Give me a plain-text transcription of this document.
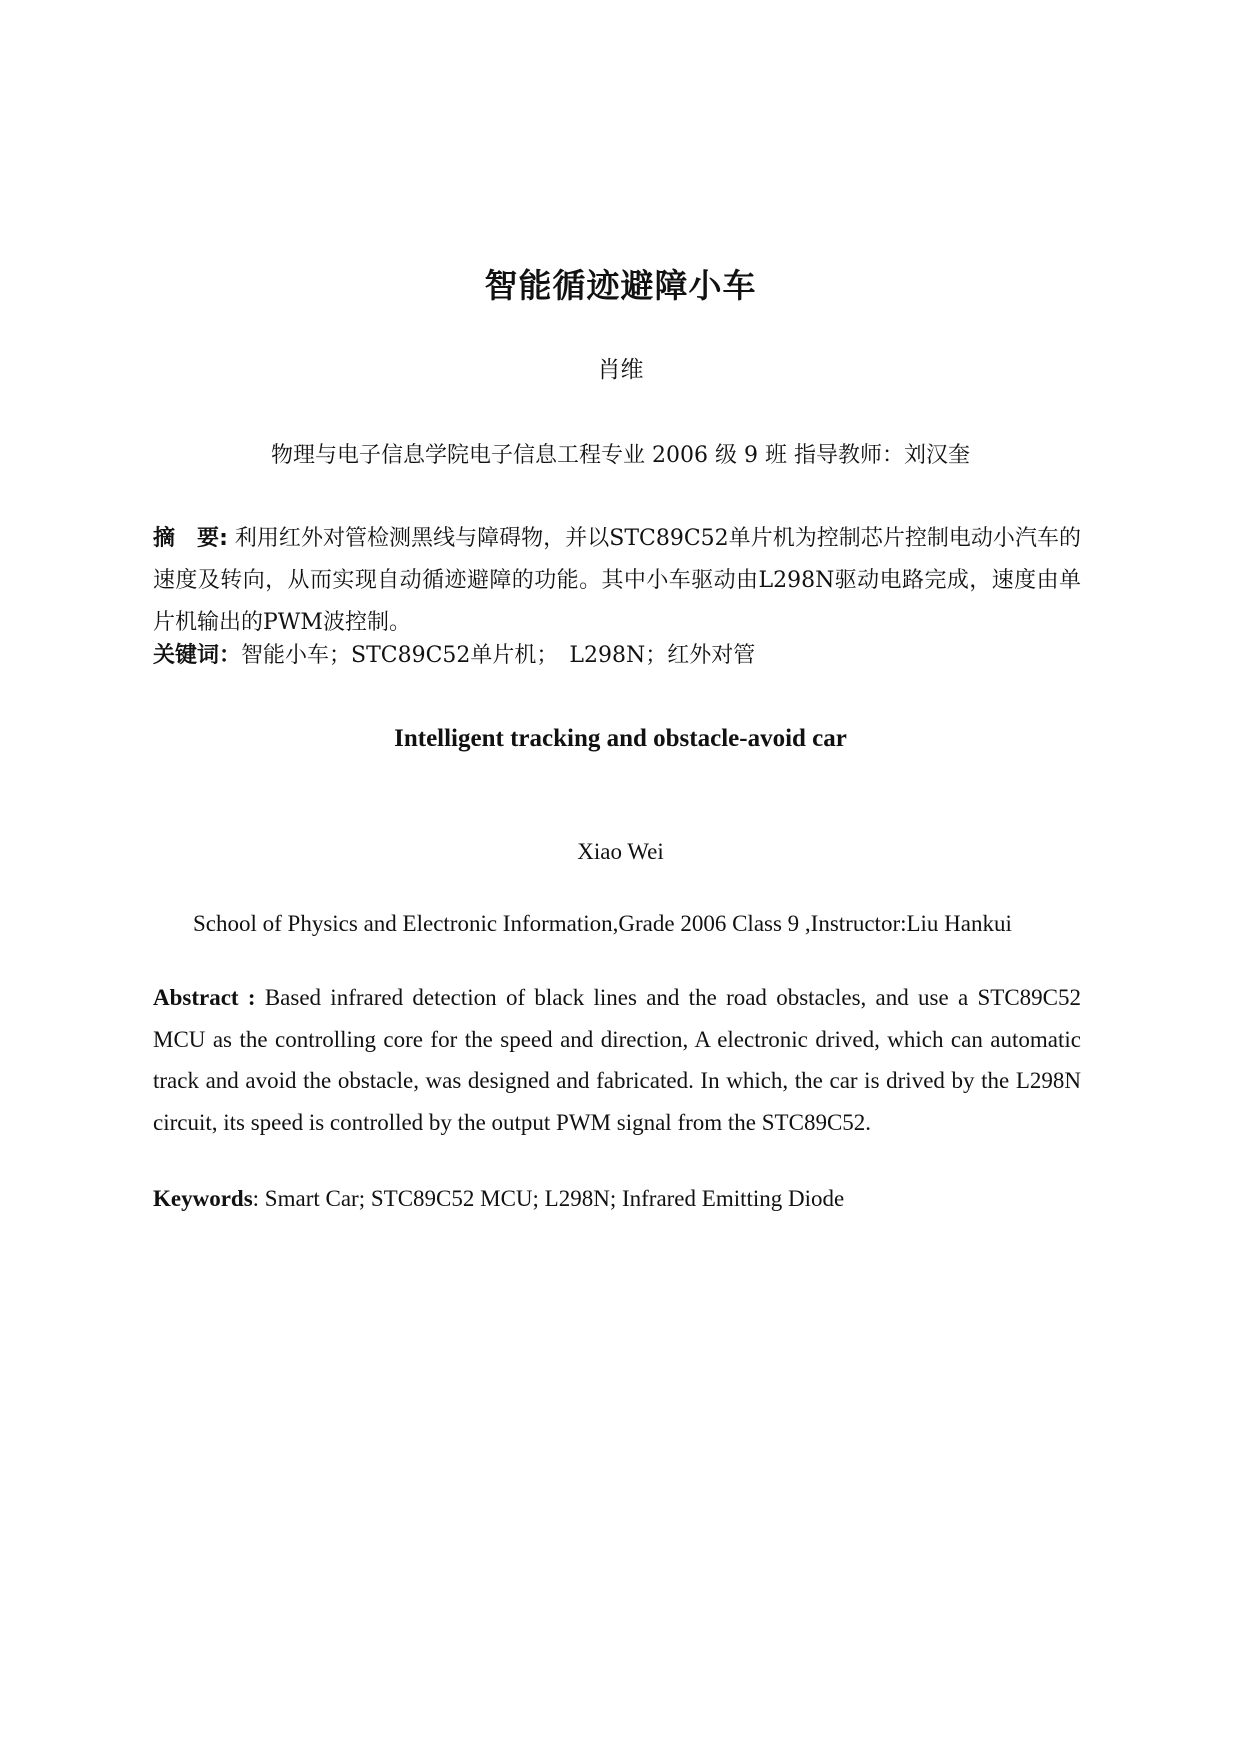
智能循迹避障小车
肖维
物理与电子信息学院电子信息工程专业 2006 级 9 班 指导教师：刘汉奎
摘　要: 利用红外对管检测黑线与障碍物，并以STC89C52单片机为控制芯片控制电动小汽车的速度及转向，从而实现自动循迹避障的功能。其中小车驱动由L298N驱动电路完成，速度由单片机输出的PWM波控制。
关键词：智能小车；STC89C52单片机；　L298N；红外对管
Intelligent tracking and obstacle-avoid car
Xiao Wei
School of Physics and Electronic Information,Grade 2006 Class 9 ,Instructor:Liu Hankui
Abstract : Based infrared detection of black lines and the road obstacles, and use a STC89C52 MCU as the controlling core for the speed and direction, A electronic drived, which can automatic track and avoid the obstacle, was designed and fabricated. In which, the car is drived by the L298N circuit, its speed is controlled by the output PWM signal from the STC89C52.
Keywords: Smart Car; STC89C52 MCU; L298N; Infrared Emitting Diode
